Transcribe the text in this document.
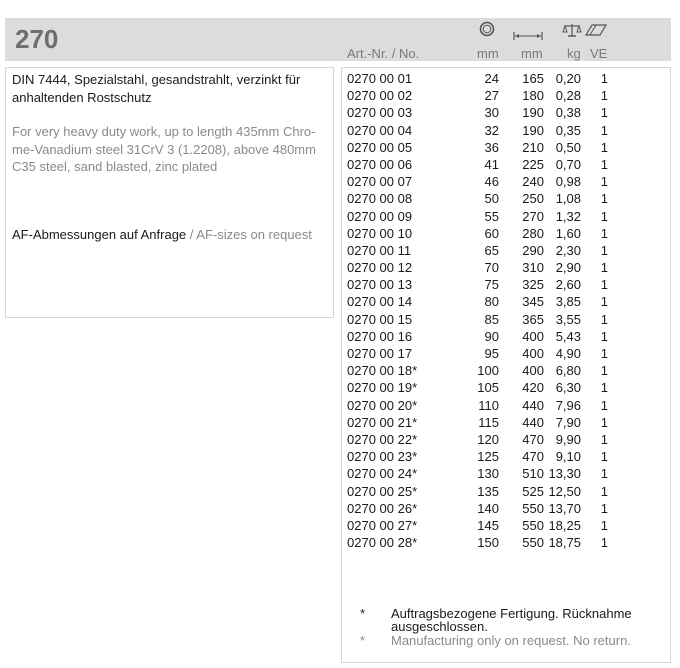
270	Art.-Nr. / No.	mm mm kg VE
DIN 7444, Spezialstahl, gesandstrahlt, verzinkt für anhaltenden Rostschutz
For very heavy duty work, up to length 435mm Chro-
me-Vanadium steel 31CrV 3 (1.2208), above 480mm
C35 steel, sand blasted, zinc plated
AF-Abmessungen auf Anfrage / AF-sizes on request
0270 00 01	24 165 0,20 1
0270 00 02	27 180 0,28 1
0270 00 03	30 190 0,38 1
0270 00 04	32 190 0,35 1
0270 00 05	36 210 0,50 1
0270 00 06	41 225 0,70 1
0270 00 07	46 240 0,98 1
0270 00 08	50 250 1,08 1
0270 00 09	55 270 1,32 1
0270 00 10	60 280 1,60 1
0270 00 11	65 290 2,30 1
0270 00 12	70 310 2,90 1
0270 00 13	75 325 2,60 1
0270 00 14	80 345 3,85 1
0270 00 15	85 365 3,55 1
0270 00 16	90 400 5,43 1
0270 00 17	95 400 4,90 1
0270 00 18*	100 400 6,80 1
0270 00 19*	105 420 6,30 1
0270 00 20*	110 440 7,96 1
0270 00 21*	115 440 7,90 1
0270 00 22*	120 470 9,90 1
0270 00 23*	125 470 9,10 1
0270 00 24*	130 510 13,30 1
0270 00 25*	135 525 12,50 1
0270 00 26*	140 550 13,70 1
0270 00 27*	145 550 18,25 1
0270 00 28*	150 550 18,75 1
* Auftragsbezogene Fertigung. Rücknahme ausgeschlossen.
* Manufacturing only on request. No return.
